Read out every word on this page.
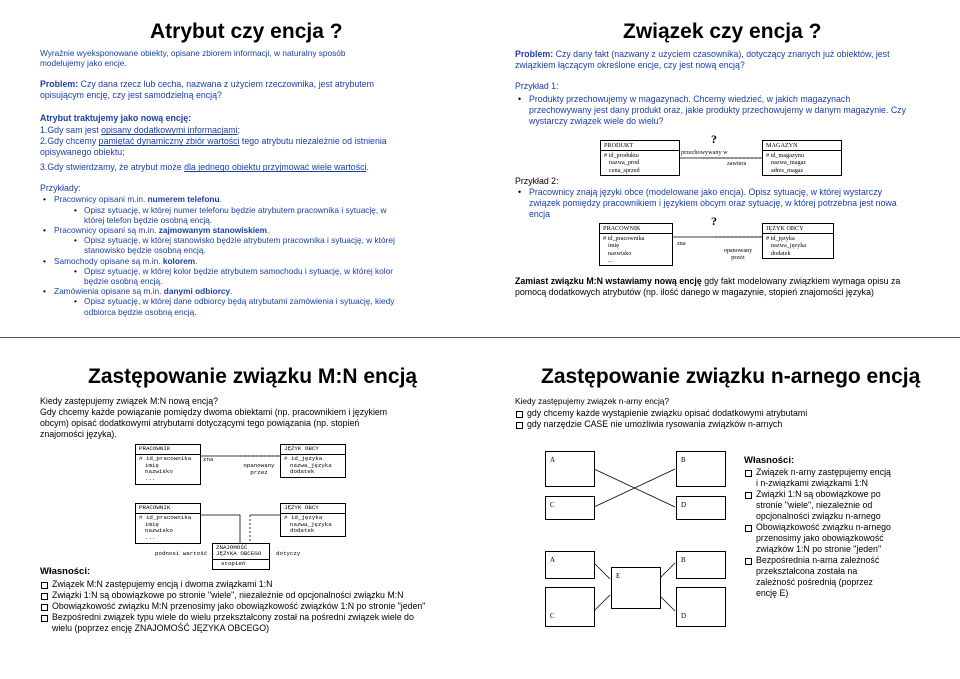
Atrybut czy encja ?

Wyraźnie wyeksponowane obiekty, opisane zbiorem informacji, w naturalny sposób modelujemy jako encje.

Problem: Czy dana rzecz lub cecha, nazwana z użyciem rzeczownika, jest atrybutem opisującym encję, czy jest samodzielną encją?

Atrybut traktujemy jako nową encję:

1.Gdy sam jest opisany dodatkowymi informacjami;

2.Gdy chcemy pamiętać dynamiczny zbiór wartości tego atrybutu niezależnie od istnienia opisywanego obiektu;

3.Gdy stwierdzamy, że atrybut może dla jednego obiektu przyjmować wiele wartości.

Przykłady:

• Pracownicy opisani m.in. numerem telefonu.
• Opisz sytuację, w której numer telefonu będzie atrybutem pracownika i sytuację, w której telefon będzie osobną encją.
• Pracownicy opisani są m.in. zajmowanym stanowiskiem.
• Opisz sytuację, w której stanowisko będzie atrybutem pracownika i sytuację, w której stanowisko będzie osobną encją.
• Samochody opisane są m.in. kolorem.
• Opisz sytuację, w której kolor będzie atrybutem samochodu i sytuację, w której kolor będzie osobną encją.
• Zamówienia opisane są m.in. danymi odbiorcy.
• Opisz sytuację, w której dane odbiorcy będą atrybutami zamówienia i sytuację, kiedy odbiorca będzie osobną encją.
Związek czy encja ?

Problem: Czy dany fakt (nazwany z użyciem czasownika), dotyczący znanych już obiektów, jest związkiem łączącym określone encje, czy jest nową encją?

Przykład 1:

• Produkty przechowujemy w magazynach. Chcemy wiedzieć, w jakich magazynach przechowywany jest dany produkt oraz, jakie produkty przechowujemy w danym magazynie. Czy wystarczy związek wiele do wielu?
PRODUKT
# id_produktu
nazwa_prod
cena_sprzed
MAGAZYN
# id_magazynu
nazwa_magaz
adres_magaz
?
przechowywany w
zawiera

Przykład 2:

• Pracownicy znają języki obce (modelowane jako encja). Opisz sytuację, w której wystarczy związek pomiędzy pracownikiem i językiem obcym oraz sytuację, w której potrzebna jest nowa encja
PRACOWNIK
# id_pracownika
imię
nazwisko
...
JĘZYK OBCY
# id_języka
nazwa_języka
dodatek
?
zna
opanowany przez

Zamiast związku M:N wstawiamy nową encję gdy fakt modelowany związkiem wymaga opisu za pomocą dodatkowych atrybutów (np. ilość danego w magazynie, stopień znajomości języka)

Zastępowanie związku M:N encją

Kiedy zastępujemy związek M:N nową encją?

Gdy chcemy każde powiązanie pomiędzy dwoma obiektami (np. pracownikiem i językiem obcym) opisać dodatkowymi atrybutami dotyczącymi tego powiązania (np. stopień znajomości języka).

PRACOWNIK
# id_pracownika
imię
nazwisko
...
JĘZYK OBCY
# id_języka
nazwa_języka
dodatek
zna
opanowany przez
PRACOWNIK
# id_pracownika
imię
nazwisko
...
JĘZYK OBCY
# id_języka
nazwa_języka
dodatek
ZNAJOMOŚĆ JĘZYKA OBCEGO
stopień
podnosi wartość	dotyczy

Własności:

Związek M:N zastępujemy encją i dwoma związkami 1:N
Związki 1:N są obowiązkowe po stronie "wiele", niezależnie od opcjonalności związku M:N
Obowiązkowość związku M:N przenosimy jako obowiązkowość związków 1:N po stronie "jeden"
Bezpośredni związek typu wiele do wielu przekształcony został na pośredni związek wiele do wielu (poprzez encję ZNAJOMOŚĆ JĘZYKA OBCEGO)
Zastępowanie związku n-arnego encją

Kiedy zastępujemy związek n-arny encją?

gdy chcemy każde wystąpienie związku opisać dodatkowymi atrybutami
gdy narzędzie CASE nie umożliwia rysowania związków n-arnych
A	B
C	D
A	B
E
C	D

Własności:

Związek n-arny zastępujemy encją i n-związkami związkami 1:N
Związki 1:N są obowiązkowe po stronie "wiele", niezależnie od opcjonalności związku n-arnego
Obowiązkowość związku n-arnego przenosimy jako obowiązkowość związków 1:N po stronie "jeden"
Bezpośrednia n-arna zależność przekształcona została na zależność pośrednią (poprzez encję E)
